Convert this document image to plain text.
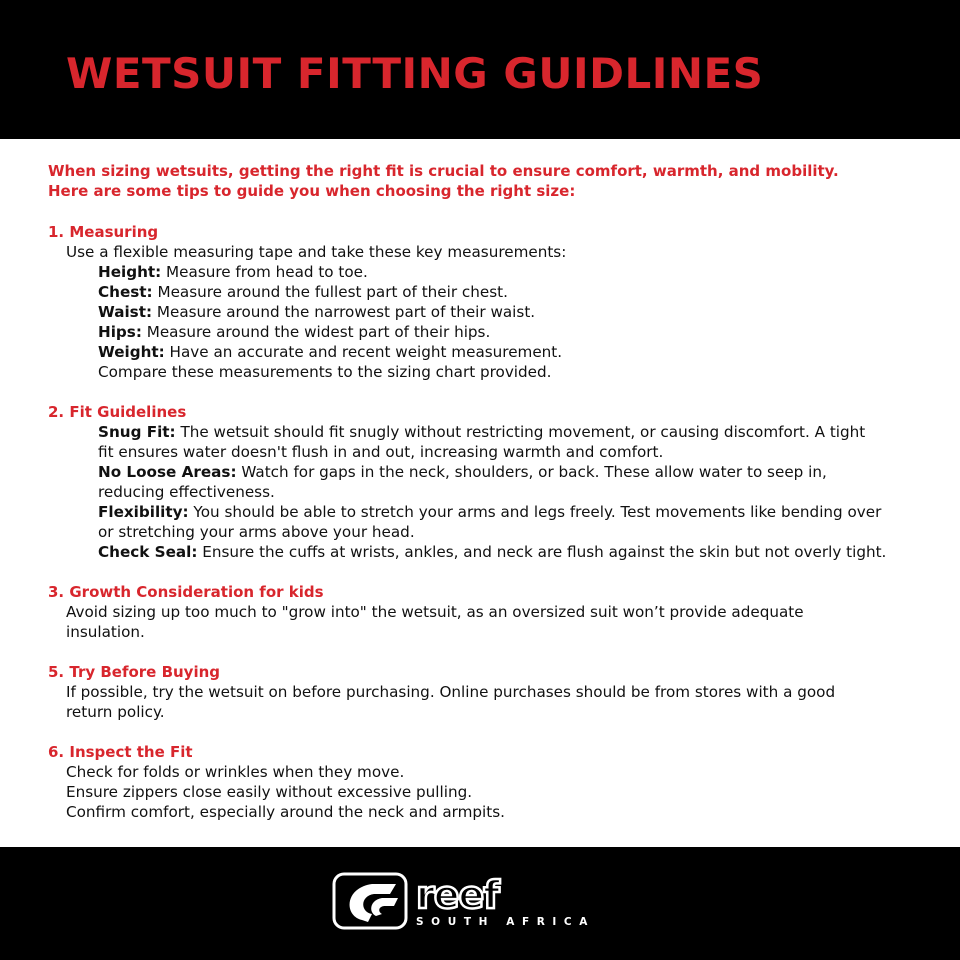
WETSUIT FITTING GUIDLINES

When sizing wetsuits, getting the right fit is crucial to ensure comfort, warmth, and mobility.

Here are some tips to guide you when choosing the right size:

1. Measuring

Use a flexible measuring tape and take these key measurements:

Height: Measure from head to toe.

Chest: Measure around the fullest part of their chest.

Waist: Measure around the narrowest part of their waist.

Hips: Measure around the widest part of their hips.

Weight: Have an accurate and recent weight measurement.

Compare these measurements to the sizing chart provided.

2. Fit Guidelines

Snug Fit: The wetsuit should fit snugly without restricting movement, or causing discomfort. A tight

fit ensures water doesn't flush in and out, increasing warmth and comfort.

No Loose Areas: Watch for gaps in the neck, shoulders, or back. These allow water to seep in,

reducing effectiveness.

Flexibility: You should be able to stretch your arms and legs freely. Test movements like bending over

or stretching your arms above your head.

Check Seal: Ensure the cuffs at wrists, ankles, and neck are flush against the skin but not overly tight.

3. Growth Consideration for kids

Avoid sizing up too much to "grow into" the wetsuit, as an oversized suit won’t provide adequate

insulation.

5. Try Before Buying

If possible, try the wetsuit on before purchasing. Online purchases should be from stores with a good

return policy.

6. Inspect the Fit

Check for folds or wrinkles when they move.

Ensure zippers close easily without excessive pulling.

Confirm comfort, especially around the neck and armpits.

reef
SOUTH AFRICA
